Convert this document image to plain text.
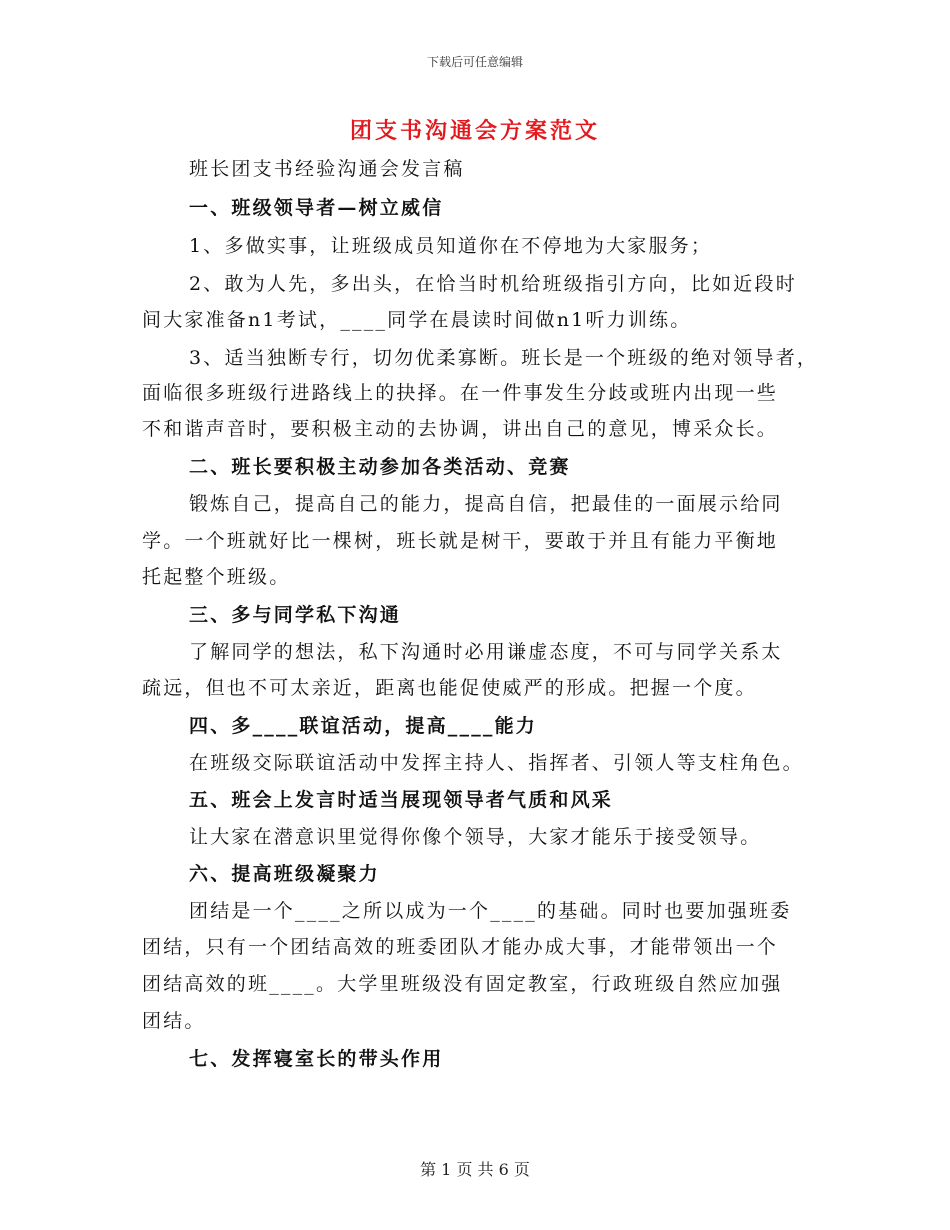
下载后可任意编辑
团支书沟通会方案范文
班长团支书经验沟通会发言稿
一、班级领导者—树立威信
1、多做实事，让班级成员知道你在不停地为大家服务；
2、敢为人先，多出头，在恰当时机给班级指引方向，比如近段时
间大家准备n1考试，____同学在晨读时间做n1听力训练。
3、适当独断专行，切勿优柔寡断。班长是一个班级的绝对领导者，
面临很多班级行进路线上的抉择。在一件事发生分歧或班内出现一些
不和谐声音时，要积极主动的去协调，讲出自己的意见，博采众长。
二、班长要积极主动参加各类活动、竞赛
锻炼自己，提高自己的能力，提高自信，把最佳的一面展示给同
学。一个班就好比一棵树，班长就是树干，要敢于并且有能力平衡地
托起整个班级。
三、多与同学私下沟通
了解同学的想法，私下沟通时必用谦虚态度，不可与同学关系太
疏远，但也不可太亲近，距离也能促使威严的形成。把握一个度。
四、多____联谊活动，提高____能力
在班级交际联谊活动中发挥主持人、指挥者、引领人等支柱角色。
五、班会上发言时适当展现领导者气质和风采
让大家在潜意识里觉得你像个领导，大家才能乐于接受领导。
六、提高班级凝聚力
团结是一个____之所以成为一个____的基础。同时也要加强班委
团结，只有一个团结高效的班委团队才能办成大事，才能带领出一个
团结高效的班____。大学里班级没有固定教室，行政班级自然应加强
团结。
七、发挥寝室长的带头作用
第 1 页 共 6 页
